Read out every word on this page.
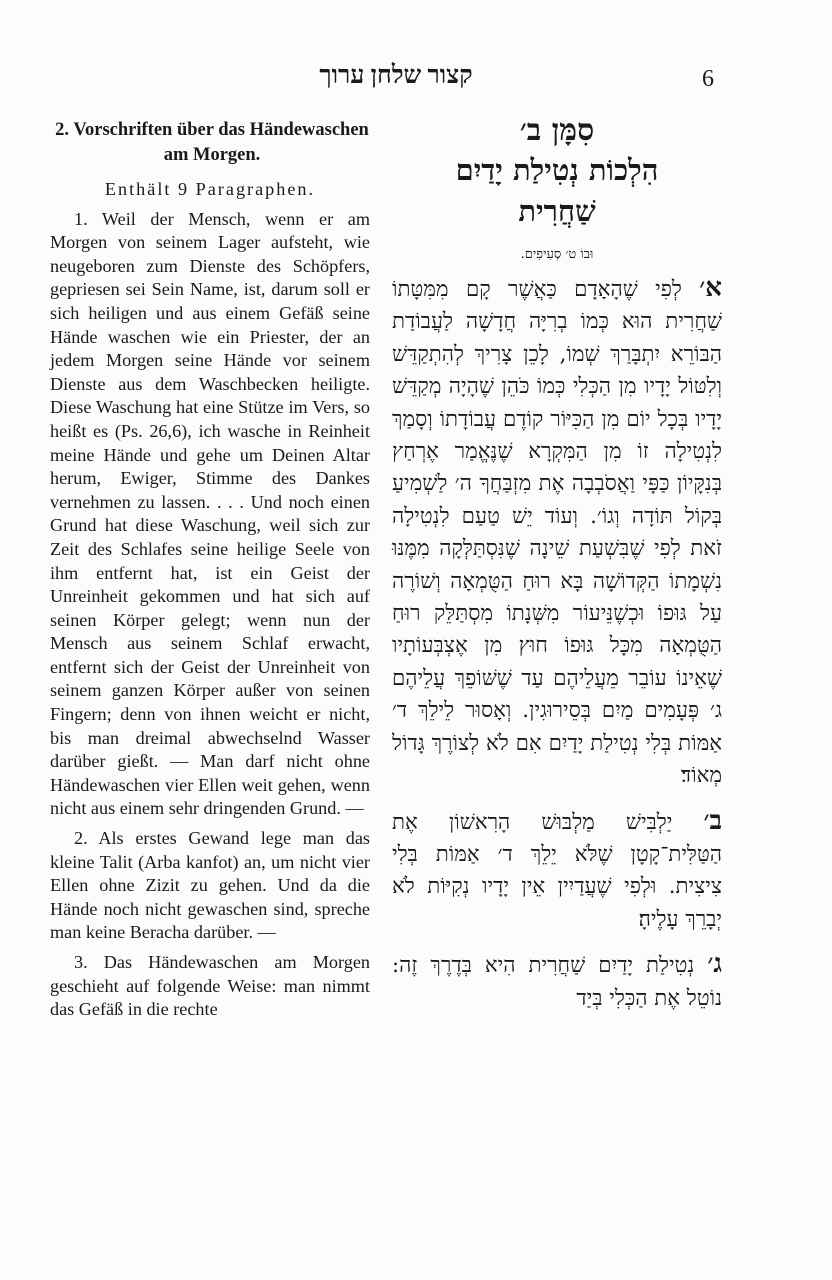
קצור שלחן ערוך	6
2. Vorschriften über das Händewaschen am Morgen.
Enthält 9 Paragraphen.

1. Weil der Mensch, wenn er am Morgen von seinem Lager aufsteht, wie neugeboren zum Dienste des Schöpfers, gepriesen sei Sein Name, ist, darum soll er sich heiligen und aus einem Gefäß seine Hände waschen wie ein Priester, der an jedem Morgen seine Hände vor seinem Dienste aus dem Waschbecken heiligte. Diese Waschung hat eine Stütze im Vers, so heißt es (Ps. 26,6), ich wasche in Reinheit meine Hände und gehe um Deinen Altar herum, Ewiger, Stimme des Dankes vernehmen zu lassen. . . . Und noch einen Grund hat diese Waschung, weil sich zur Zeit des Schlafes seine heilige Seele von ihm entfernt hat, ist ein Geist der Unreinheit gekommen und hat sich auf seinen Körper gelegt; wenn nun der Mensch aus seinem Schlaf erwacht, entfernt sich der Geist der Unreinheit von seinem ganzen Körper außer von seinen Fingern; denn von ihnen weicht er nicht, bis man dreimal abwechselnd Wasser darüber gießt. — Man darf nicht ohne Händewaschen vier Ellen weit gehen, wenn nicht aus einem sehr dringenden Grund. —

2. Als erstes Gewand lege man das kleine Talit (Arba kanfot) an, um nicht vier Ellen ohne Zizit zu gehen. Und da die Hände noch nicht gewaschen sind, spreche man keine Beracha darüber. —

3. Das Händewaschen am Morgen geschieht auf folgende Weise: man nimmt das Gefäß in die rechte

סִמָּן ב׳
הִלְכוֹת נְטִילַת יָדַיִם
שַׁחֲרִית
וּבוֹ ט׳ סְעִיפִים.
א׳ לְפִי שֶׁהָאָדָם כַּאֲשֶׁר קָם מִמִּטָּתוֹ שַׁחֲרִית הוּא כְּמוֹ בְרִיָּה חֲדָשָׁה לַעֲבוֹדַת הַבּוֹרֵא יִתְבָּרַךְ שְׁמוֹ, לָכֵן צָרִיךְ לְהִתְקַדֵּשׁ וְלִטּוֹל יָדָיו מִן הַכְּלִי כְּמוֹ כֹּהֵן שֶׁהָיָה מְקַדֵּשׁ יָדָיו בְּכָל יוֹם מִן הַכִּיּוֹר קוֹדֶם עֲבוֹדָתוֹ וְסָמַךְ לִנְטִילָה זוֹ מִן הַמִּקְרָא שֶׁנֶּאֱמַר אֶרְחַץ בְּנִקָּיוֹן כַּפָּי וַאֲסֹבְבָה אֶת מִזְבַּחֲךָ ה׳ לַשְׁמִיעַ בְּקוֹל תּוֹדָה וְגוֹ׳. וְעוֹד יֵשׁ טַעַם לִנְטִילָה זֹאת לְפִי שֶׁבִּשְׁעַת שֵׁינָה שֶׁנִּסְתַּלְּקָה מִמֶּנּוּ נִשְׁמָתוֹ הַקְּדוֹשָׁה בָּא רוּחַ הַטֻּמְאָה וְשׁוֹרֶה עַל גּוּפוֹ וּכְשֶׁנֵּיעוֹר מִשְּׁנָתוֹ מִסְתַּלֵּק רוּחַ הַטֻּמְאָה מִכָּל גּוּפוֹ חוּץ מִן אֶצְבְּעוֹתָיו שֶׁאֵינוֹ עוֹבֵר מֵעֲלֵיהֶם עַד שֶׁשּׁוֹפֵךְ עֲלֵיהֶם ג׳ פְּעָמִים מַיִם בְּסֵירוּגִין. וְאָסוּר לֵילֵךְ ד׳ אַמּוֹת בְּלִי נְטִילַת יָדַיִם אִם לֹא לְצוֹרֶךְ גָּדוֹל מְאוֹד׃
ב׳ יַלְבִּישׁ מַלְבּוּשׁ הָרִאשׁוֹן אֶת הַטַּלִּית־קָטָן שֶׁלֹּא יֵלֵךְ ד׳ אַמּוֹת בְּלִי צִיצִית. וּלְפִי שֶׁעֲדַיִין אֵין יָדָיו נְקִיּוֹת לֹא יְבָרֵךְ עָלֶיהָ׃
ג׳ נְטִילַת יָדַיִם שַׁחֲרִית הִיא בְּדֶרֶךְ זֶה: נוֹטֵל אֶת הַכְּלִי בְּיַד
